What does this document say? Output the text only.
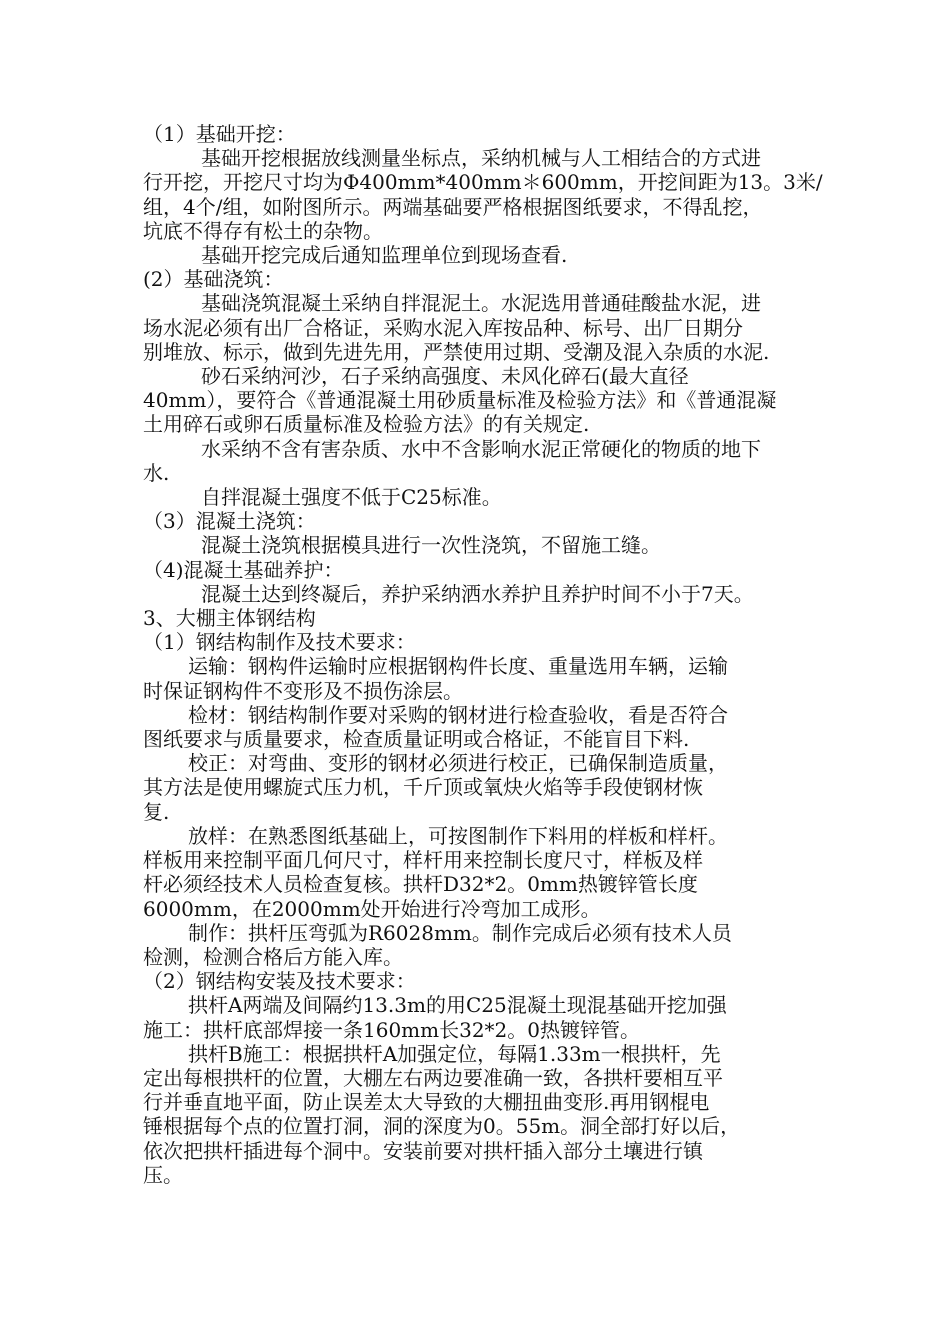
（1）基础开挖：
基础开挖根据放线测量坐标点，采纳机械与人工相结合的方式进
行开挖，开挖尺寸均为Φ400mm*400mm＊600mm，开挖间距为13。3米/
组，4个/组，如附图所示。两端基础要严格根据图纸要求，不得乱挖，
坑底不得存有松土的杂物。
基础开挖完成后通知监理单位到现场查看.
(2）基础浇筑：
基础浇筑混凝土采纳自拌混泥土。水泥选用普通硅酸盐水泥，进
场水泥必须有出厂合格证，采购水泥入库按品种、标号、出厂日期分
别堆放、标示，做到先进先用，严禁使用过期、受潮及混入杂质的水泥.
砂石采纳河沙，石子采纳高强度、未风化碎石(最大直径
40mm），要符合《普通混凝土用砂质量标准及检验方法》和《普通混凝
土用碎石或卵石质量标准及检验方法》的有关规定.
水采纳不含有害杂质、水中不含影响水泥正常硬化的物质的地下
水.
自拌混凝土强度不低于C25标准。
（3）混凝土浇筑：
混凝土浇筑根据模具进行一次性浇筑，不留施工缝。
（4)混凝土基础养护：
混凝土达到终凝后，养护采纳洒水养护且养护时间不小于7天。
3、大棚主体钢结构
（1）钢结构制作及技术要求：
运输：钢构件运输时应根据钢构件长度、重量选用车辆，运输
时保证钢构件不变形及不损伤涂层。
检材：钢结构制作要对采购的钢材进行检查验收，看是否符合
图纸要求与质量要求，检查质量证明或合格证，不能盲目下料.
校正：对弯曲、变形的钢材必须进行校正，已确保制造质量，
其方法是使用螺旋式压力机，千斤顶或氧炔火焰等手段使钢材恢
复.
放样：在熟悉图纸基础上，可按图制作下料用的样板和样杆。
样板用来控制平面几何尺寸，样杆用来控制长度尺寸，样板及样
杆必须经技术人员检查复核。拱杆D32*2。0mm热镀锌管长度
6000mm，在2000mm处开始进行冷弯加工成形。
制作：拱杆压弯弧为R6028mm。制作完成后必须有技术人员
检测，检测合格后方能入库。
（2）钢结构安装及技术要求：
拱杆A两端及间隔约13.3m的用C25混凝土现混基础开挖加强
施工：拱杆底部焊接一条160mm长32*2。0热镀锌管。
拱杆B施工：根据拱杆A加强定位，每隔1.33m一根拱杆，先
定出每根拱杆的位置，大棚左右两边要准确一致，各拱杆要相互平
行并垂直地平面，防止误差太大导致的大棚扭曲变形.再用钢棍电
锤根据每个点的位置打洞，洞的深度为0。55m。洞全部打好以后，
依次把拱杆插进每个洞中。安装前要对拱杆插入部分土壤进行镇
压。
